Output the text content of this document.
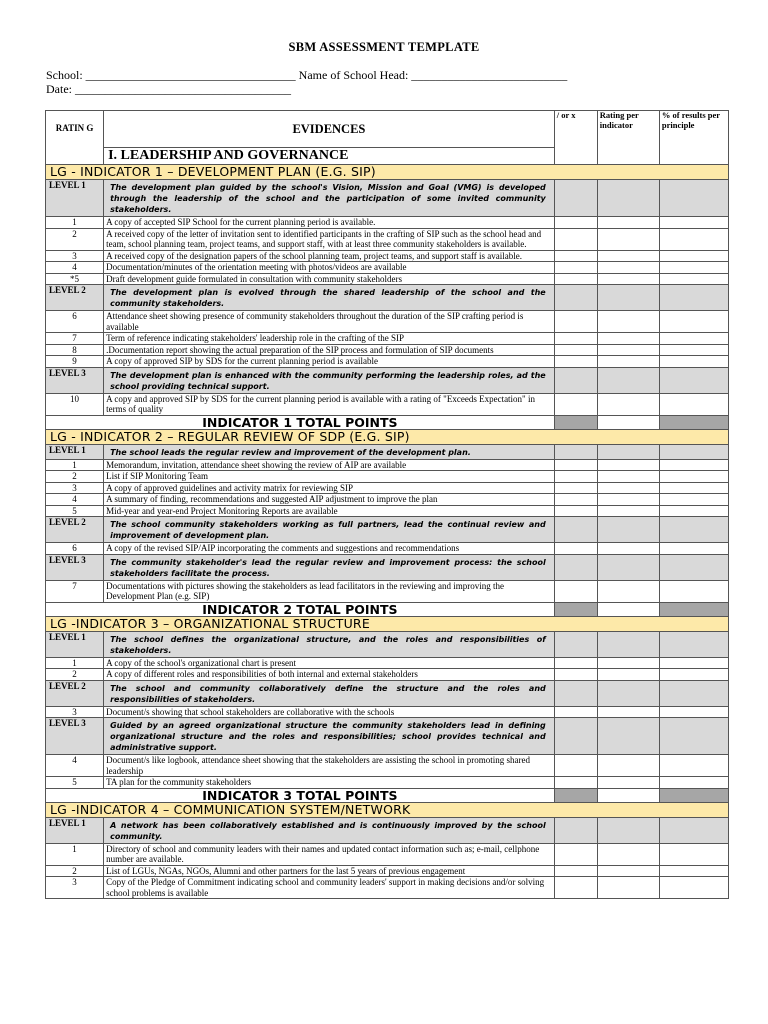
SBM ASSESSMENT TEMPLATE
School: ___________________________________ Name of School Head: __________________________
Date: ____________________________________
RATIN G	EVIDENCES	/ or x	Rating per indicator	% of results per principle
	I. LEADERSHIP AND GOVERNANCE			
LG - INDICATOR 1 – DEVELOPMENT PLAN (E.G. SIP)				
LEVEL 1	The development plan guided by the school's Vision, Mission and Goal (VMG) is developed through the leadership of the school and the participation of some invited community stakeholders.			
1	A copy of accepted SIP School for the current planning period is available.			
2	A received copy of the letter of invitation sent to identified participants in the crafting of SIP such as the school head and team, school planning team, project teams, and support staff, with at least three community stakeholders is available.			
3	A received copy of the designation papers of the school planning team, project teams, and support staff is available.			
4	Documentation/minutes of the orientation meeting with photos/videos are available			
*5	Draft development guide formulated in consultation with community stakeholders			
LEVEL 2	The development plan is evolved through the shared leadership of the school and the community stakeholders.			
6	Attendance sheet showing presence of community stakeholders throughout the duration of the SIP crafting period is available			
7	Term of reference indicating stakeholders' leadership role in the crafting of the SIP			
8	.Documentation report showing the actual preparation of the SIP process and formulation of SIP documents			
9	A copy of approved SIP by SDS for the current planning period is available			
LEVEL 3	The development plan is enhanced with the community performing the leadership roles, ad the school providing technical support.			
10	A copy and approved SIP by SDS for the current planning period is available with a rating of "Exceeds Expectation" in terms of quality			
INDICATOR 1 TOTAL POINTS				
LG - INDICATOR 2 – REGULAR REVIEW OF SDP (E.G. SIP)				
LEVEL 1	The school leads the regular review and improvement of the development plan.			
1	Memorandum, invitation, attendance sheet showing the review of AIP are available			
2	List if SIP Monitoring Team			
3	A copy of approved guidelines and activity matrix for reviewing SIP			
4	A summary of finding, recommendations and suggested AIP adjustment to improve the plan			
5	Mid-year and year-end Project Monitoring Reports are available			
LEVEL 2	The school community stakeholders working as full partners, lead the continual review and improvement of development plan.			
6	A copy of the revised SIP/AIP incorporating the comments and suggestions and recommendations			
LEVEL 3	The community stakeholder's lead the regular review and improvement process: the school stakeholders facilitate the process.			
7	Documentations with pictures showing the stakeholders as lead facilitators in the reviewing and improving the Development Plan (e.g. SIP)			
INDICATOR 2 TOTAL POINTS				
LG -INDICATOR 3 – ORGANIZATIONAL STRUCTURE				
LEVEL 1	The school defines the organizational structure, and the roles and responsibilities of stakeholders.			
1	A copy of the school's organizational chart is present			
2	A copy of different roles and responsibilities of both internal and external stakeholders			
LEVEL 2	The school and community collaboratively define the structure and the roles and responsibilities of stakeholders.			
3	Document/s showing that school stakeholders are collaborative with the schools			
LEVEL 3	Guided by an agreed organizational structure the community stakeholders lead in defining organizational structure and the roles and responsibilities; school provides technical and administrative support.			
4	Document/s like logbook, attendance sheet showing that the stakeholders are assisting the school in promoting shared leadership			
5	TA plan for the community stakeholders			
INDICATOR 3 TOTAL POINTS				
LG -INDICATOR 4 – COMMUNICATION SYSTEM/NETWORK				
LEVEL 1	A network has been collaboratively established and is continuously improved by the school community.			
1	Directory of school and community leaders with their names and updated contact information such as; e-mail, cellphone number are available.			
2	List of LGUs, NGAs, NGOs, Alumni and other partners for the last 5 years of previous engagement			
3	Copy of the Pledge of Commitment indicating school and community leaders' support in making decisions and/or solving school problems is available			
